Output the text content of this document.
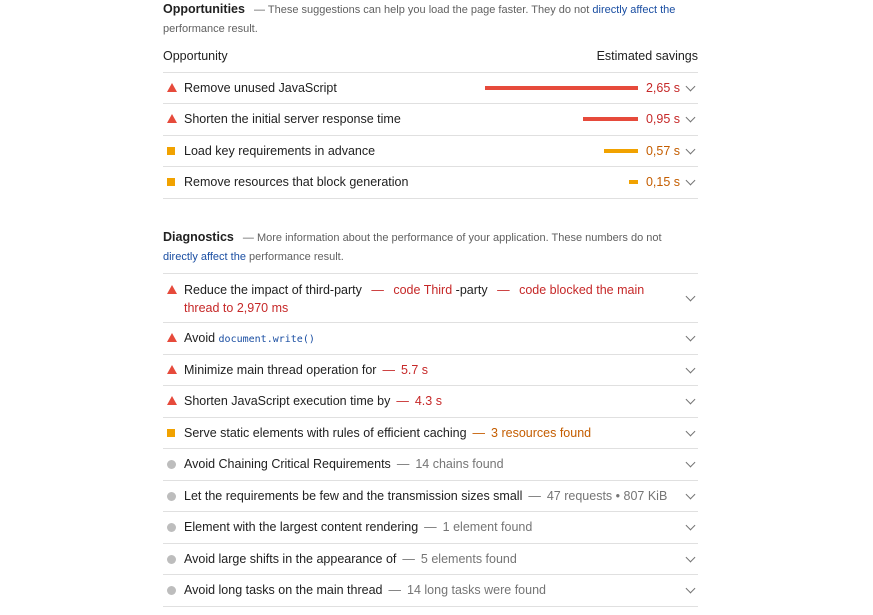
Opportunities — These suggestions can help you load the page faster. They do not directly affect the
performance result.
Opportunity	Estimated savings
Remove unused JavaScript	2,65 s
Shorten the initial server response time	0,95 s
Load key requirements in advance	0,57 s
Remove resources that block generation	0,15 s
Diagnostics — More information about the performance of your application. These numbers do not directly affect the performance result.
Reduce the impact of third-party — code Third -party — code blocked the main thread to 2,970 ms
Avoid document.write()
Minimize main thread operation for — 5.7 s
Shorten JavaScript execution time by — 4.3 s
Serve static elements with rules of efficient caching — 3 resources found
Avoid Chaining Critical Requirements — 14 chains found
Let the requirements be few and the transmission sizes small — 47 requests • 807 KiB
Element with the largest content rendering — 1 element found
Avoid large shifts in the appearance of — 5 elements found
Avoid long tasks on the main thread — 14 long tasks were found
